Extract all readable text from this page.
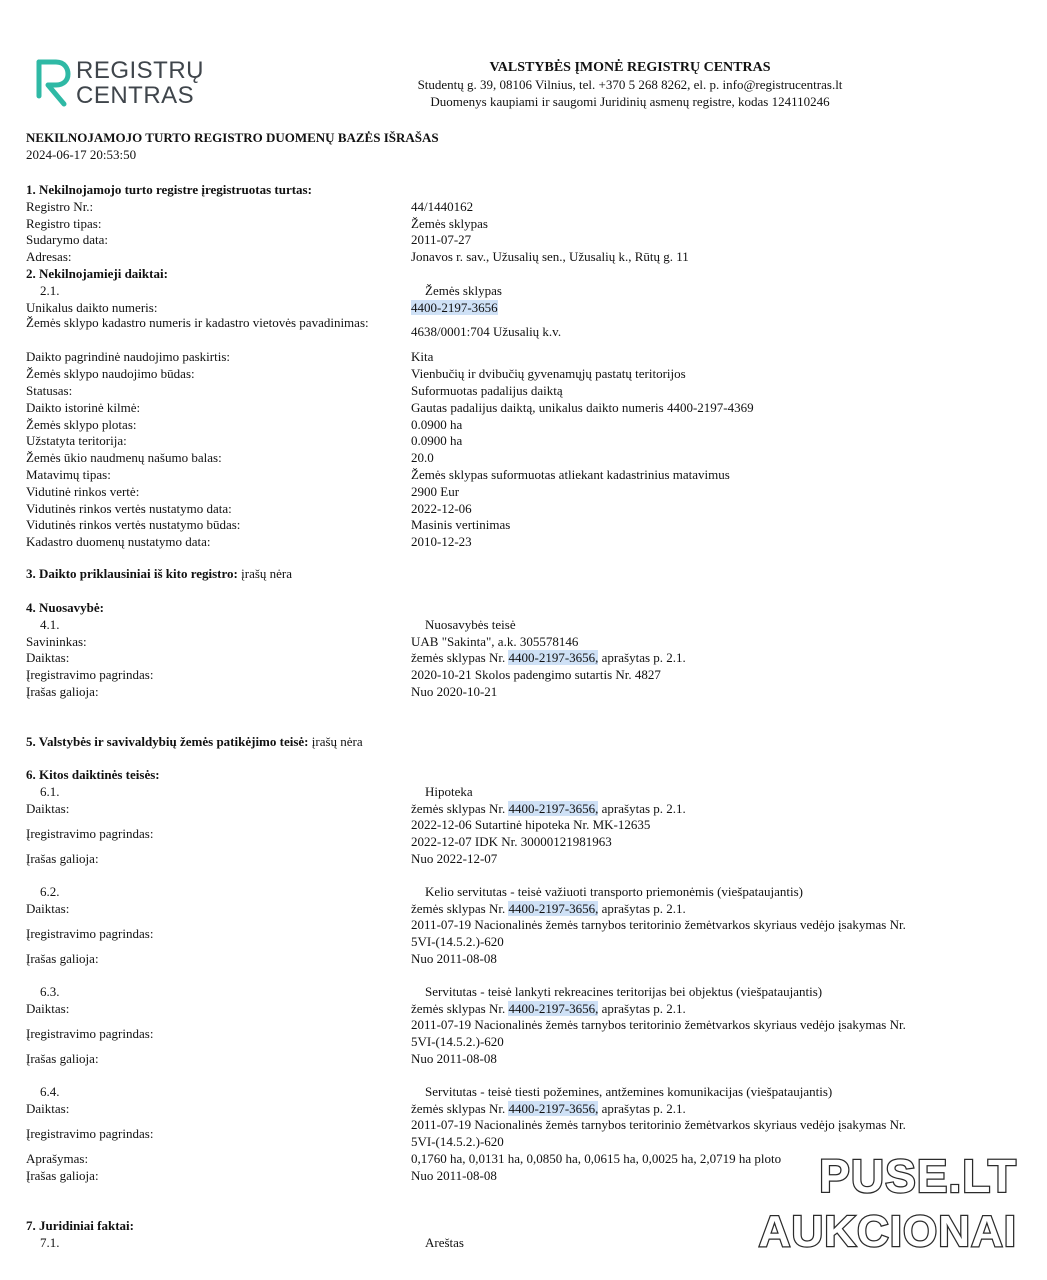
REGISTRŲ
CENTRAS
VALSTYBĖS ĮMONĖ REGISTRŲ CENTRAS
Studentų g. 39, 08106 Vilnius, tel. +370 5 268 8262, el. p. info@registrucentras.lt
Duomenys kaupiami ir saugomi Juridinių asmenų registre, kodas 124110246
NEKILNOJAMOJO TURTO REGISTRO DUOMENŲ BAZĖS IŠRAŠAS
2024-06-17 20:53:50
1. Nekilnojamojo turto registre įregistruotas turtas:
Registro Nr.:	44/1440162
Registro tipas:	Žemės sklypas
Sudarymo data:	2011-07-27
Adresas:	Jonavos r. sav., Užusalių sen., Užusalių k., Rūtų g. 11
2. Nekilnojamieji daiktai:
2.1.	Žemės sklypas
Unikalus daikto numeris:	4400-2197-3656
Žemės sklypo kadastro numeris ir kadastro vietovės pavadinimas:
4638/0001:704 Užusalių k.v.
Daikto pagrindinė naudojimo paskirtis:	Kita
Žemės sklypo naudojimo būdas:	Vienbučių ir dvibučių gyvenamųjų pastatų teritorijos
Statusas:	Suformuotas padalijus daiktą
Daikto istorinė kilmė:	Gautas padalijus daiktą, unikalus daikto numeris 4400-2197-4369
Žemės sklypo plotas:	0.0900 ha
Užstatyta teritorija:	0.0900 ha
Žemės ūkio naudmenų našumo balas:	20.0
Matavimų tipas:	Žemės sklypas suformuotas atliekant kadastrinius matavimus
Vidutinė rinkos vertė:	2900 Eur
Vidutinės rinkos vertės nustatymo data:	2022-12-06
Vidutinės rinkos vertės nustatymo būdas:	Masinis vertinimas
Kadastro duomenų nustatymo data:	2010-12-23
3. Daikto priklausiniai iš kito registro: įrašų nėra
4. Nuosavybė:
4.1.	Nuosavybės teisė
Savininkas:	UAB "Sakinta", a.k. 305578146
Daiktas:	žemės sklypas Nr. 4400-2197-3656, aprašytas p. 2.1.
Įregistravimo pagrindas:	2020-10-21 Skolos padengimo sutartis Nr. 4827
Įrašas galioja:	Nuo 2020-10-21
5. Valstybės ir savivaldybių žemės patikėjimo teisė: įrašų nėra
6. Kitos daiktinės teisės:
6.1.	Hipoteka
Daiktas:	žemės sklypas Nr. 4400-2197-3656, aprašytas p. 2.1.
Įregistravimo pagrindas:
2022-12-06 Sutartinė hipoteka Nr. MK-12635
2022-12-07 IDK Nr. 30000121981963
Įrašas galioja:	Nuo 2022-12-07
6.2.	Kelio servitutas - teisė važiuoti transporto priemonėmis (viešpataujantis)
Daiktas:	žemės sklypas Nr. 4400-2197-3656, aprašytas p. 2.1.
Įregistravimo pagrindas:
2011-07-19 Nacionalinės žemės tarnybos teritorinio žemėtvarkos skyriaus vedėjo įsakymas Nr.
5VI-(14.5.2.)-620
Įrašas galioja:	Nuo 2011-08-08
6.3.	Servitutas - teisė lankyti rekreacines teritorijas bei objektus (viešpataujantis)
Daiktas:	žemės sklypas Nr. 4400-2197-3656, aprašytas p. 2.1.
Įregistravimo pagrindas:
2011-07-19 Nacionalinės žemės tarnybos teritorinio žemėtvarkos skyriaus vedėjo įsakymas Nr.
5VI-(14.5.2.)-620
Įrašas galioja:	Nuo 2011-08-08
6.4.	Servitutas - teisė tiesti požemines, antžemines komunikacijas (viešpataujantis)
Daiktas:	žemės sklypas Nr. 4400-2197-3656, aprašytas p. 2.1.
Įregistravimo pagrindas:
2011-07-19 Nacionalinės žemės tarnybos teritorinio žemėtvarkos skyriaus vedėjo įsakymas Nr.
5VI-(14.5.2.)-620
Aprašymas:	0,1760 ha, 0,0131 ha, 0,0850 ha, 0,0615 ha, 0,0025 ha, 2,0719 ha ploto
Įrašas galioja:	Nuo 2011-08-08
7. Juridiniai faktai:
7.1.	Areštas
PUSE.LT
AUKCIONAI
